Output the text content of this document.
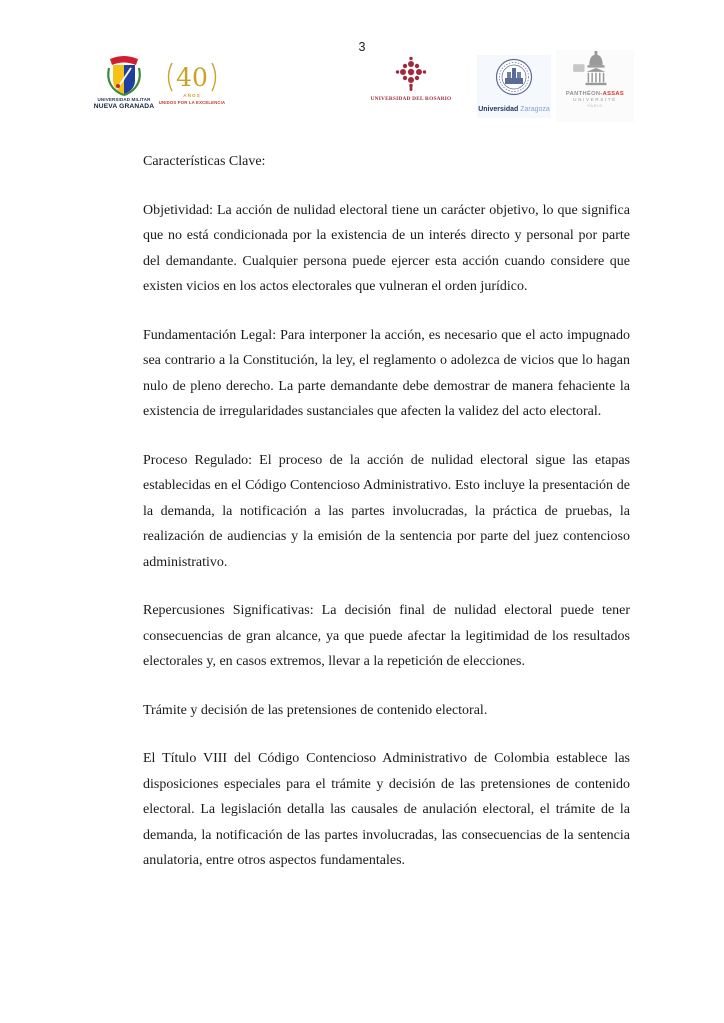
3
UNIVERSIDAD MILITAR
NUEVA GRANADA
40
AÑOS
UNIDOS POR LA EXCELENCIA
UNIVERSIDAD DEL ROSARIO
Universidad Zaragoza
PANTHÉON-ASSAS
UNIVERSITÉ
PARIS

Características Clave:

Objetividad: La acción de nulidad electoral tiene un carácter objetivo, lo que significa que no está condicionada por la existencia de un interés directo y personal por parte del demandante. Cualquier persona puede ejercer esta acción cuando considere que existen vicios en los actos electorales que vulneran el orden jurídico.

Fundamentación Legal: Para interponer la acción, es necesario que el acto impugnado sea contrario a la Constitución, la ley, el reglamento o adolezca de vicios que lo hagan nulo de pleno derecho. La parte demandante debe demostrar de manera fehaciente la existencia de irregularidades sustanciales que afecten la validez del acto electoral.

Proceso Regulado: El proceso de la acción de nulidad electoral sigue las etapas establecidas en el Código Contencioso Administrativo. Esto incluye la presentación de la demanda, la notificación a las partes involucradas, la práctica de pruebas, la realización de audiencias y la emisión de la sentencia por parte del juez contencioso administrativo.

Repercusiones Significativas: La decisión final de nulidad electoral puede tener consecuencias de gran alcance, ya que puede afectar la legitimidad de los resultados electorales y, en casos extremos, llevar a la repetición de elecciones.

Trámite y decisión de las pretensiones de contenido electoral.

El Título VIII del Código Contencioso Administrativo de Colombia establece las disposiciones especiales para el trámite y decisión de las pretensiones de contenido electoral. La legislación detalla las causales de anulación electoral, el trámite de la demanda, la notificación de las partes involucradas, las consecuencias de la sentencia anulatoria, entre otros aspectos fundamentales.
